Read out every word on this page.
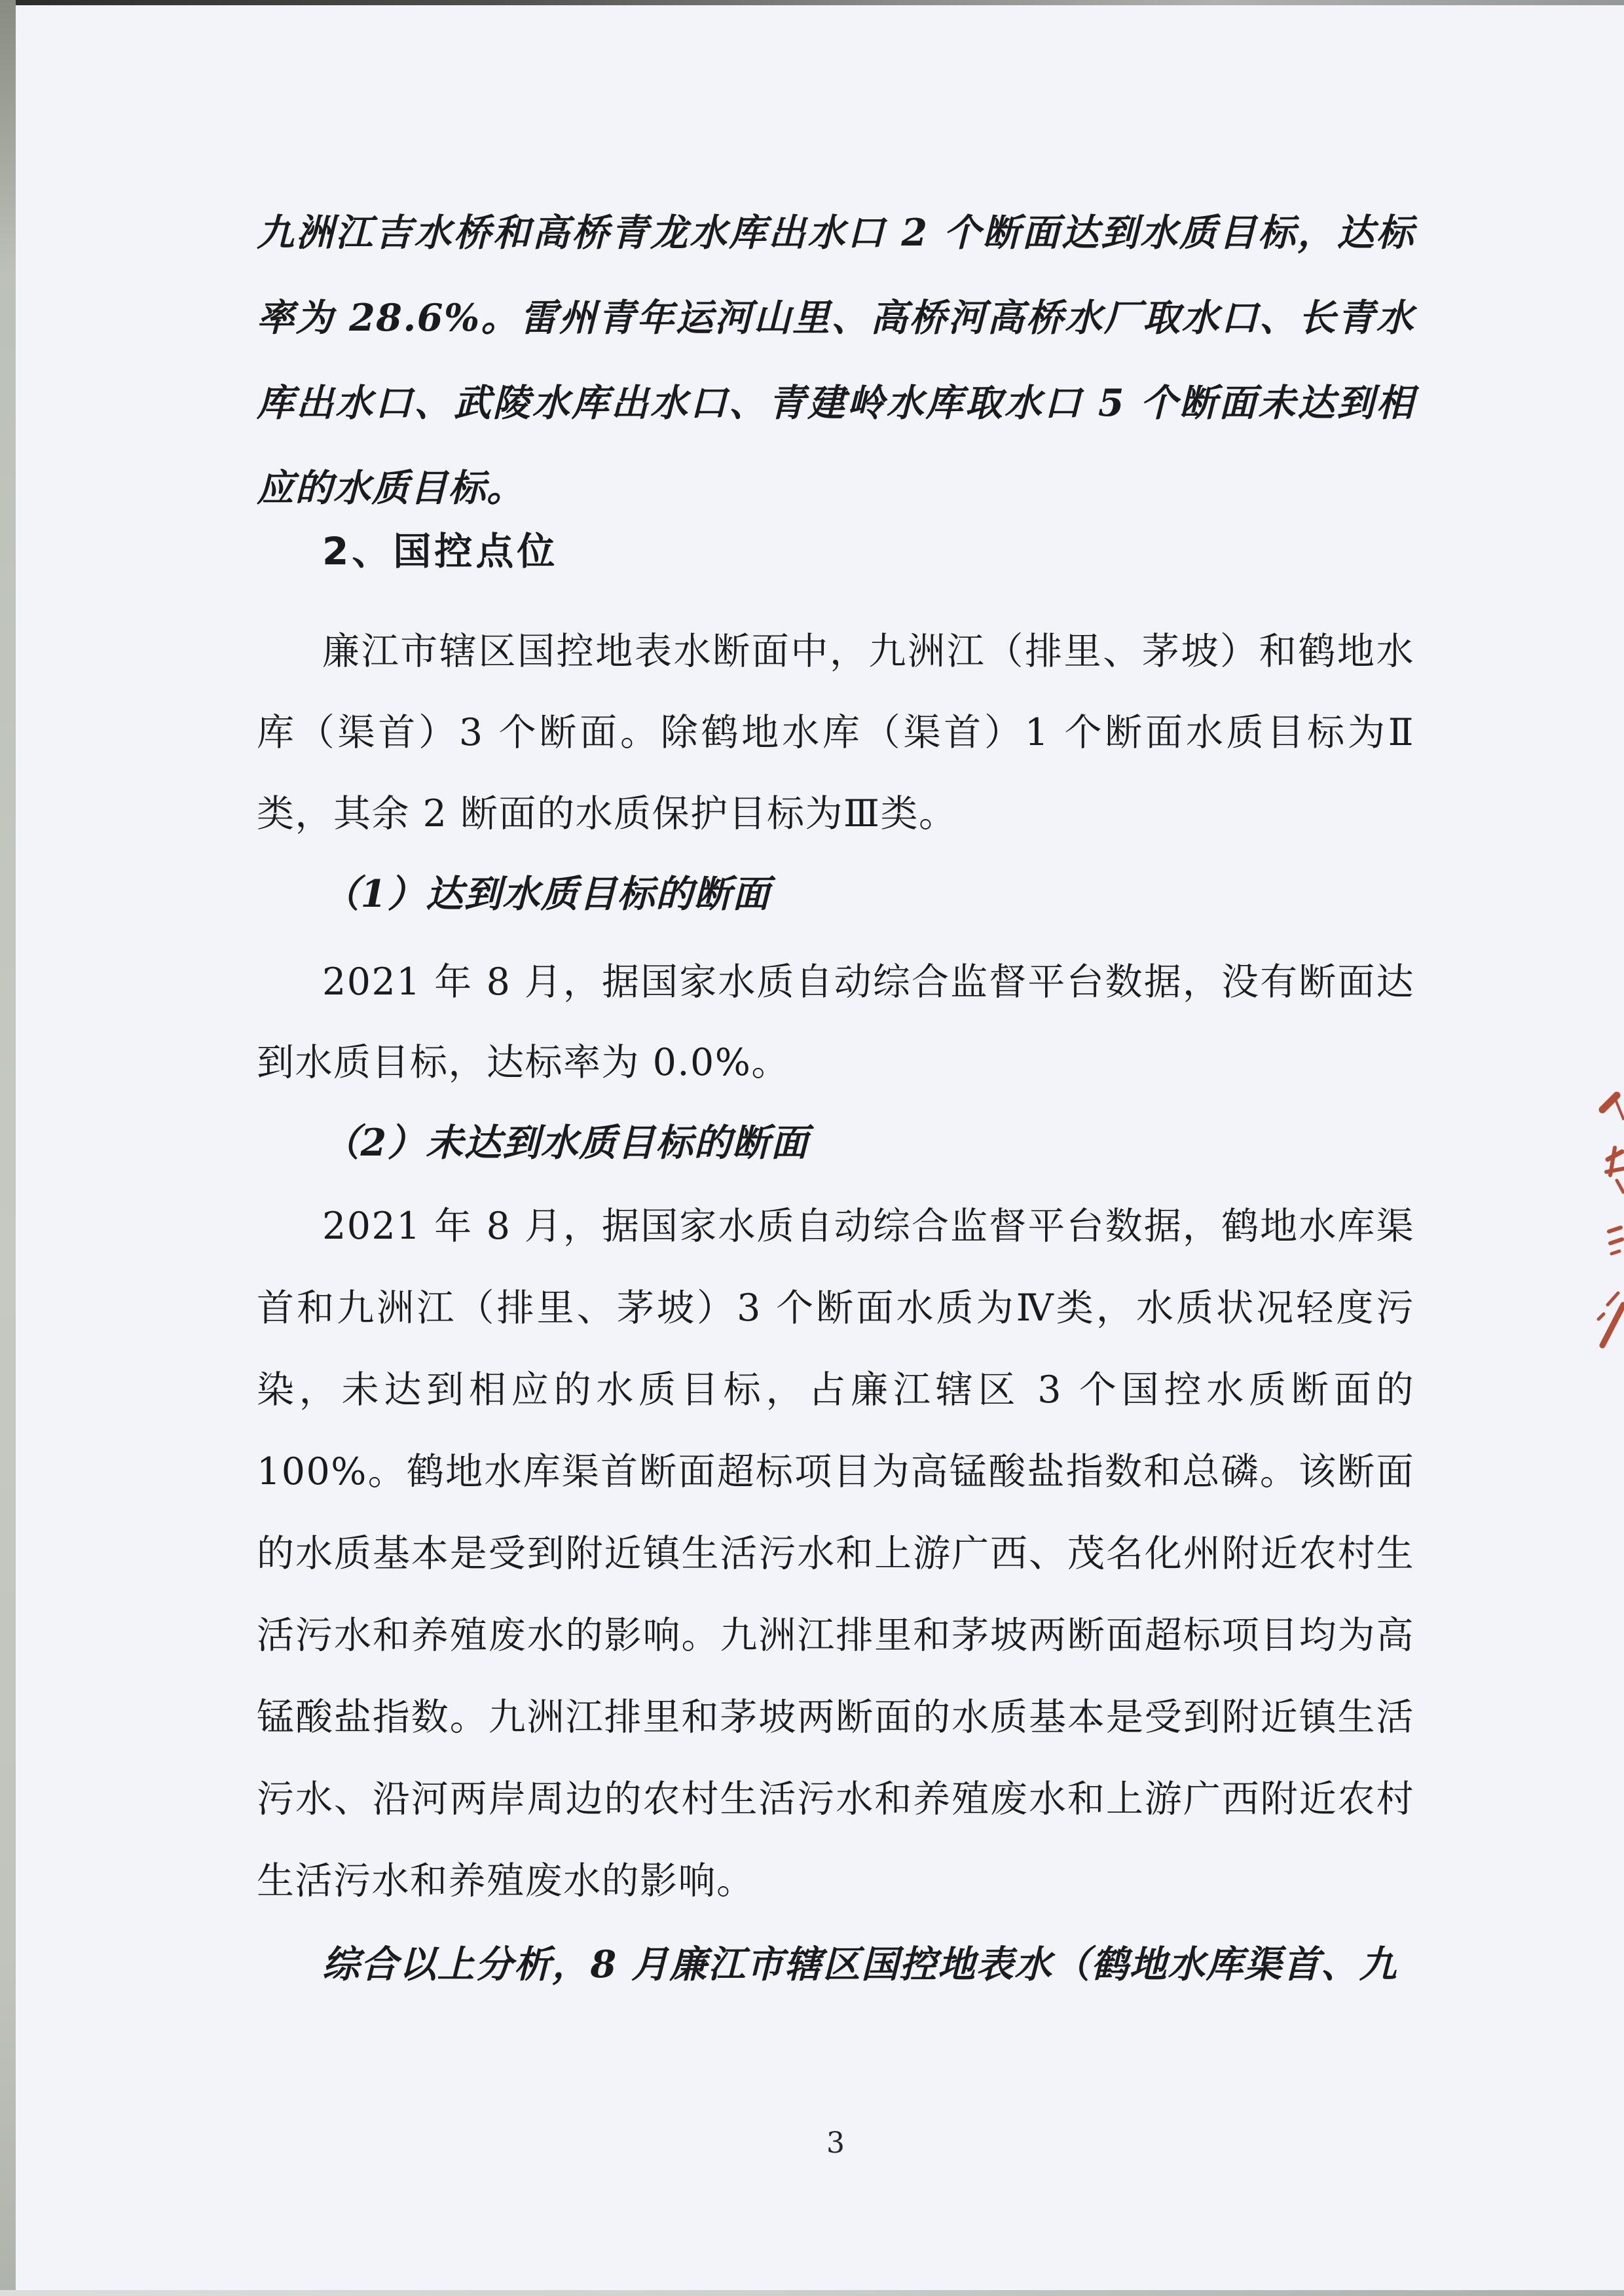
九洲江吉水桥和高桥青龙水库出水口 2 个断面达到水质目标，达标率为 28.6%。雷州青年运河山里、高桥河高桥水厂取水口、长青水库出水口、武陵水库出水口、青建岭水库取水口 5 个断面未达到相应的水质目标。

2、国控点位

廉江市辖区国控地表水断面中，九洲江（排里、茅坡）和鹤地水库（渠首）3 个断面。除鹤地水库（渠首）1 个断面水质目标为Ⅱ类，其余 2 断面的水质保护目标为Ⅲ类。

（1）达到水质目标的断面

2021 年 8 月，据国家水质自动综合监督平台数据，没有断面达到水质目标，达标率为 0.0%。

（2）未达到水质目标的断面

2021 年 8 月，据国家水质自动综合监督平台数据，鹤地水库渠首和九洲江（排里、茅坡）3 个断面水质为Ⅳ类，水质状况轻度污染，未达到相应的水质目标，占廉江辖区 3 个国控水质断面的 100%。鹤地水库渠首断面超标项目为高锰酸盐指数和总磷。该断面的水质基本是受到附近镇生活污水和上游广西、茂名化州附近农村生活污水和养殖废水的影响。九洲江排里和茅坡两断面超标项目均为高锰酸盐指数。九洲江排里和茅坡两断面的水质基本是受到附近镇生活污水、沿河两岸周边的农村生活污水和养殖废水和上游广西附近农村生活污水和养殖废水的影响。

综合以上分析，8 月廉江市辖区国控地表水（鹤地水库渠首、九

3
